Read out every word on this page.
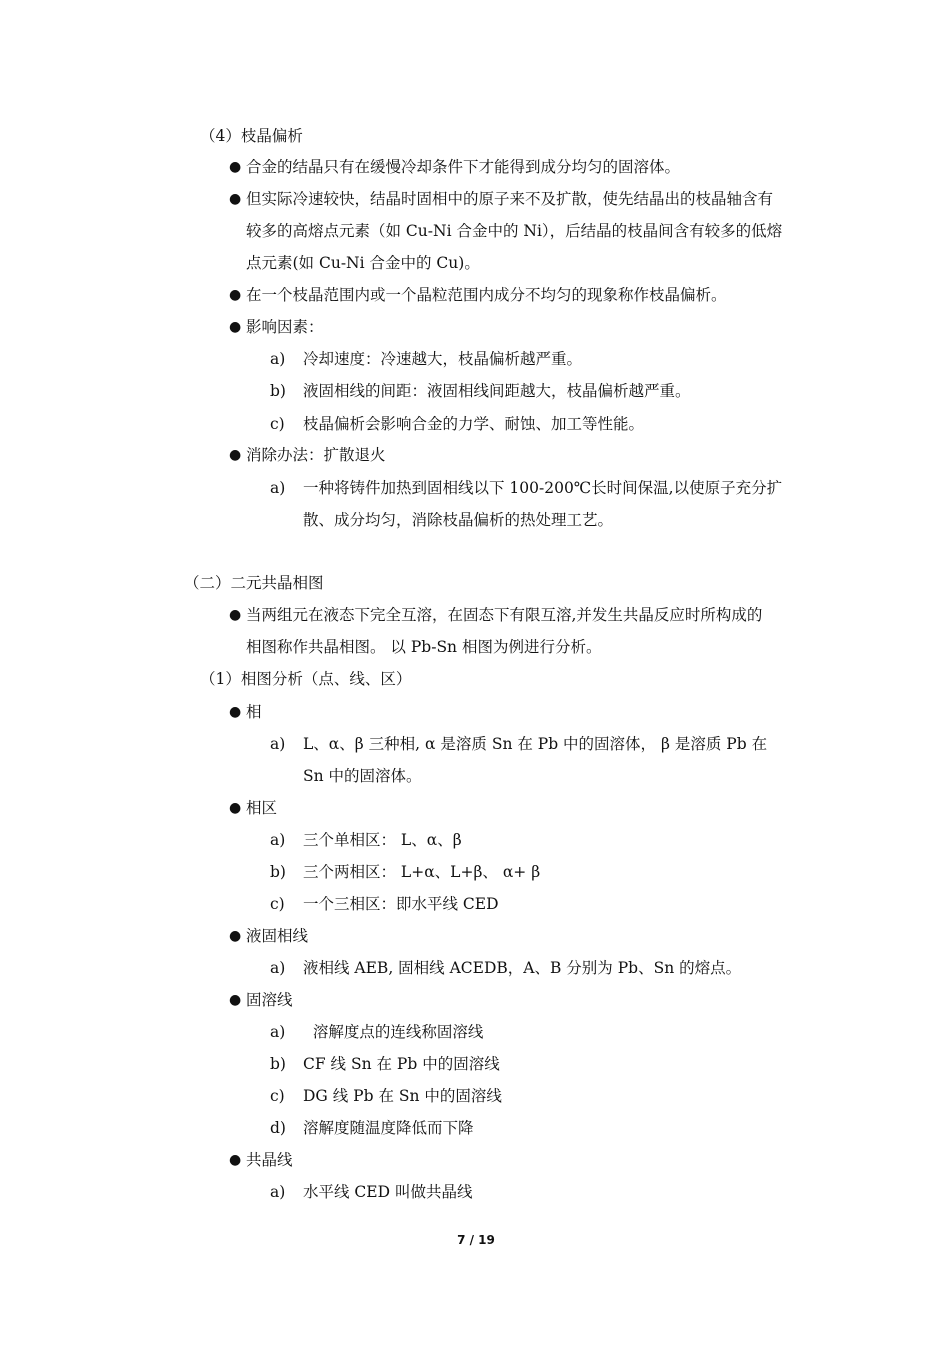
（4）枝晶偏析
● 合金的结晶只有在缓慢冷却条件下才能得到成分均匀的固溶体。
● 但实际冷速较快，结晶时固相中的原子来不及扩散，使先结晶出的枝晶轴含有
较多的高熔点元素（如 Cu-Ni 合金中的 Ni），后结晶的枝晶间含有较多的低熔
点元素(如 Cu-Ni 合金中的 Cu)。
● 在一个枝晶范围内或一个晶粒范围内成分不均匀的现象称作枝晶偏析。
● 影响因素：
a) 冷却速度：冷速越大，枝晶偏析越严重。
b) 液固相线的间距：液固相线间距越大，枝晶偏析越严重。
c) 枝晶偏析会影响合金的力学、耐蚀、加工等性能。
● 消除办法：扩散退火
a) 一种将铸件加热到固相线以下 100-200℃长时间保温,以使原子充分扩
散、成分均匀，消除枝晶偏析的热处理工艺。
（二）二元共晶相图
● 当两组元在液态下完全互溶，在固态下有限互溶,并发生共晶反应时所构成的
相图称作共晶相图。 以 Pb-Sn 相图为例进行分析。
（1）相图分析（点、线、区）
● 相
a) L、α、β 三种相, α 是溶质 Sn 在 Pb 中的固溶体， β 是溶质 Pb 在
Sn 中的固溶体。
● 相区
a) 三个单相区： L、α、β
b) 三个两相区： L+α、L+β、 α+ β
c) 一个三相区：即水平线 CED
● 液固相线
a) 液相线 AEB, 固相线 ACEDB，A、B 分别为 Pb、Sn 的熔点。
● 固溶线
a) 溶解度点的连线称固溶线
b) CF 线 Sn 在 Pb 中的固溶线
c) DG 线 Pb 在 Sn 中的固溶线
d) 溶解度随温度降低而下降
● 共晶线
a) 水平线 CED 叫做共晶线
7 / 19
